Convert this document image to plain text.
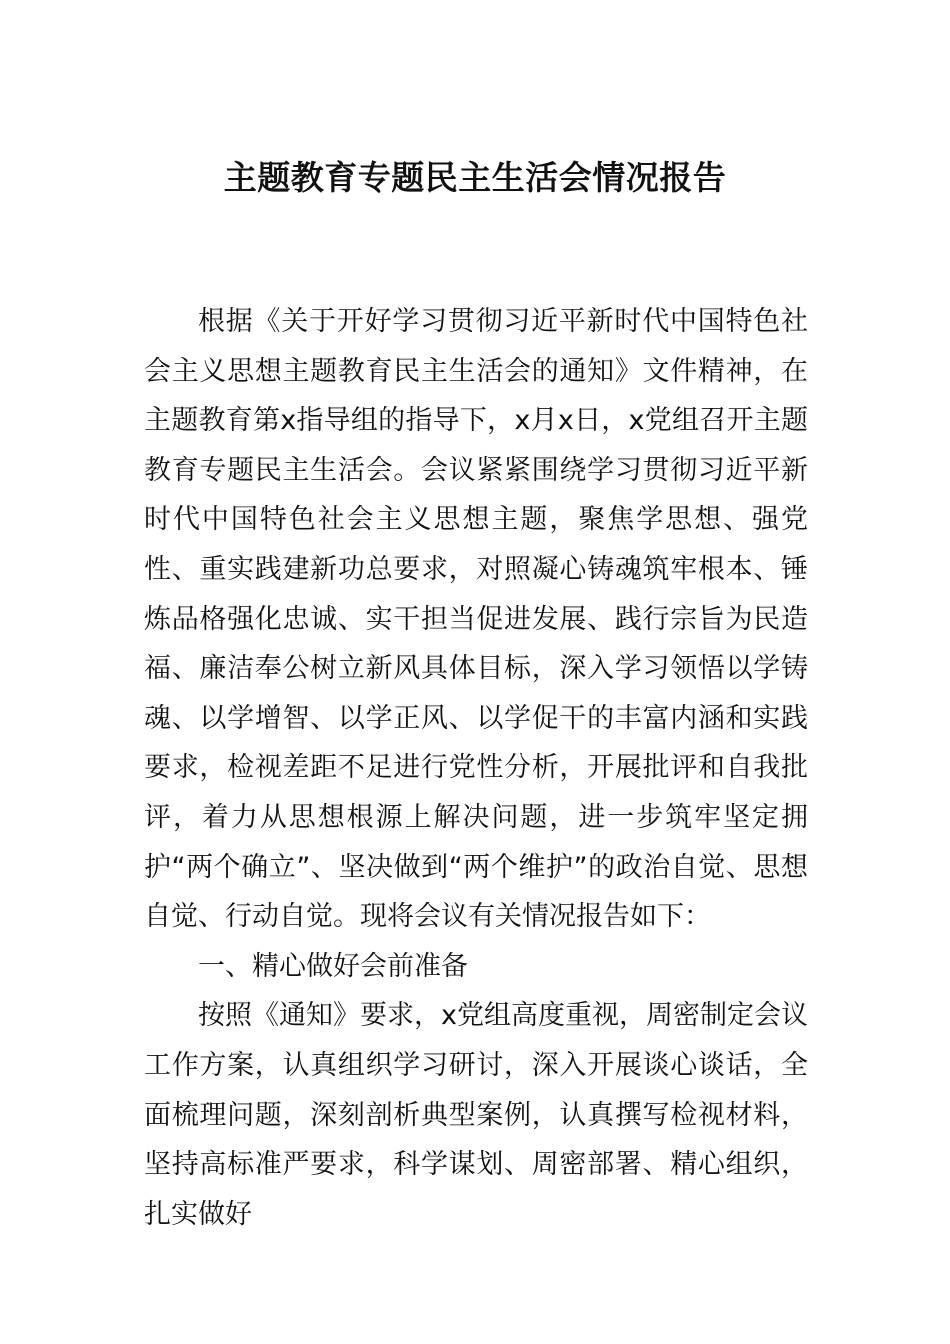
主题教育专题民主生活会情况报告

根据《关于开好学习贯彻习近平新时代中国特色社会主义思想主题教育民主生活会的通知》文件精神，在主题教育第x指导组的指导下，x月x日，x党组召开主题教育专题民主生活会。会议紧紧围绕学习贯彻习近平新时代中国特色社会主义思想主题，聚焦学思想、强党性、重实践建新功总要求，对照凝心铸魂筑牢根本、锤炼品格强化忠诚、实干担当促进发展、践行宗旨为民造福、廉洁奉公树立新风具体目标，深入学习领悟以学铸魂、以学增智、以学正风、以学促干的丰富内涵和实践要求，检视差距不足进行党性分析，开展批评和自我批评，着力从思想根源上解决问题，进一步筑牢坚定拥护“两个确立”、坚决做到“两个维护”的政治自觉、思想自觉、行动自觉。现将会议有关情况报告如下：

一、精心做好会前准备

按照《通知》要求，x党组高度重视，周密制定会议工作方案，认真组织学习研讨，深入开展谈心谈话，全面梳理问题，深刻剖析典型案例，认真撰写检视材料，坚持高标准严要求，科学谋划、周密部署、精心组织，扎实做好
